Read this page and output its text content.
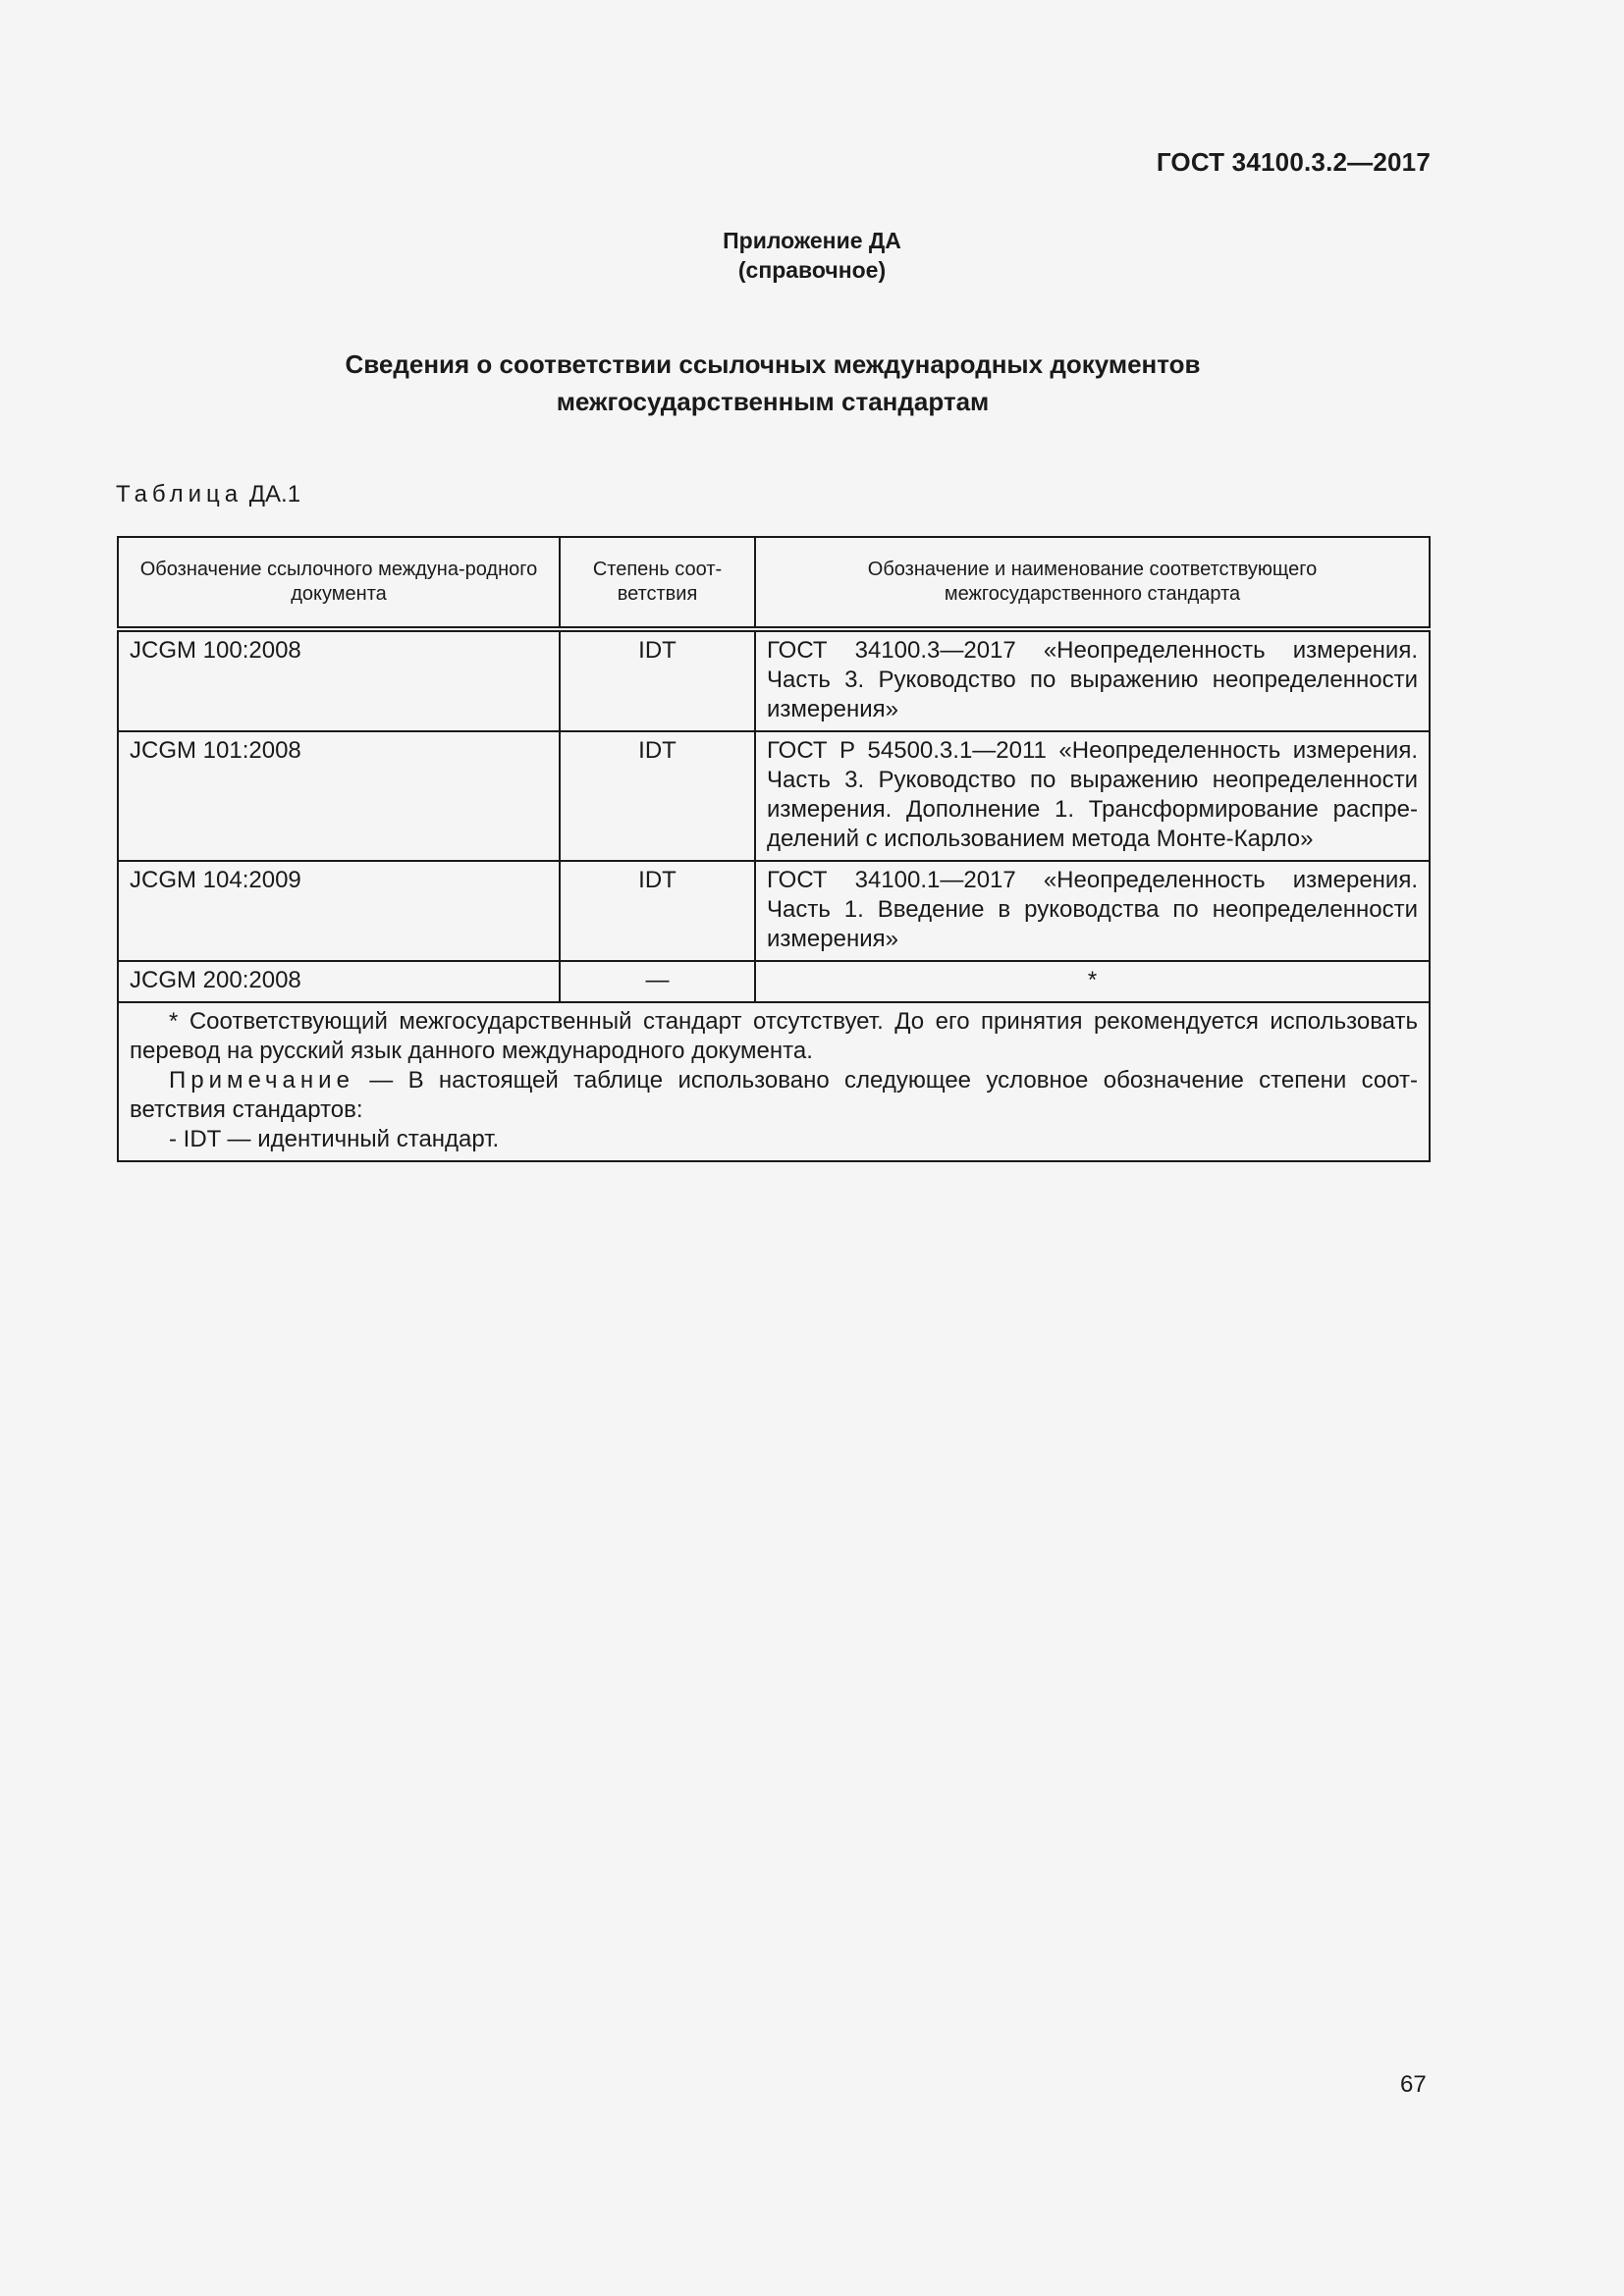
ГОСТ 34100.3.2—2017
Приложение ДА
(справочное)
Сведения о соответствии ссылочных международных документов
межгосударственным стандартам
Таблица ДА.1
Обозначение ссылочного междуна-родного документа	Степень соот-ветствия	Обозначение и наименование соответствующего межгосударственного стандарта
JCGM 100:2008	IDT	ГОСТ 34100.3—2017 «Неопределенность измерения. Часть 3. Руководство по выражению неопределенности измерения»
JCGM 101:2008	IDT	ГОСТ Р 54500.3.1—2011 «Неопределенность измерения. Часть 3. Руководство по выражению неопределенности измерения. Дополнение 1. Трансформирование распре-делений с использованием метода Монте-Карло»
JCGM 104:2009	IDT	ГОСТ 34100.1—2017 «Неопределенность измерения. Часть 1. Введение в руководства по неопределенности измерения»
JCGM 200:2008	—	*

* Соответствующий межгосударственный стандарт отсутствует. До его принятия рекомендуется использовать перевод на русский язык данного международного документа.

Примечание — В настоящей таблице использовано следующее условное обозначение степени соот-ветствия стандартов:

- IDT — идентичный стандарт.		

67
